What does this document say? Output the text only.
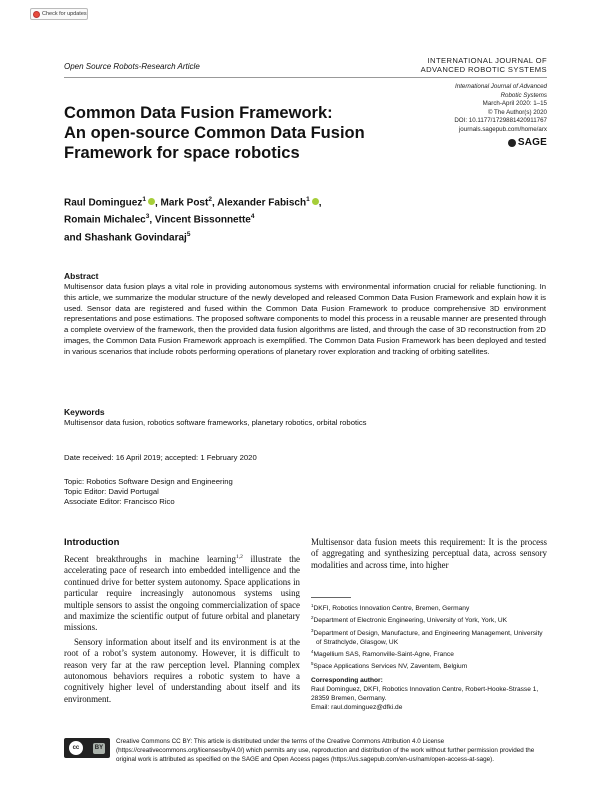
Check for updates
Open Source Robots-Research Article
INTERNATIONAL JOURNAL OF
ADVANCED ROBOTIC SYSTEMS
International Journal of Advanced
Robotic Systems
March-April 2020: 1–15
© The Author(s) 2020
DOI: 10.1177/1729881420911767
journals.sagepub.com/home/arx
SAGE
Common Data Fusion Framework:
An open-source Common Data Fusion
Framework for space robotics
Raul Dominguez$^1$ , Mark Post$^2$, Alexander Fabisch$^1$ ,
Romain Michalec$^3$, Vincent Bissonnette$^4$
and Shashank Govindaraj$^5$
Abstract
Multisensor data fusion plays a vital role in providing autonomous systems with environmental information crucial for reliable functioning. In this article, we summarize the modular structure of the newly developed and released Common Data Fusion Framework and explain how it is used. Sensor data are registered and fused within the Common Data Fusion Framework to produce comprehensive 3D environment representations and pose estimations. The proposed software components to model this process in a reusable manner are presented through a complete overview of the framework, then the provided data fusion algorithms are listed, and through the case of 3D reconstruction from 2D images, the Common Data Fusion Framework approach is exemplified. The Common Data Fusion Framework has been deployed and tested in various scenarios that include robots performing operations of planetary rover exploration and tracking of orbiting satellites.
Keywords
Multisensor data fusion, robotics software frameworks, planetary robotics, orbital robotics
Date received: 16 April 2019; accepted: 1 February 2020
Topic: Robotics Software Design and Engineering
Topic Editor: David Portugal
Associate Editor: Francisco Rico
Introduction

Recent breakthroughs in machine learning$^{1,2}$ illustrate the accelerating pace of research into embedded intelligence and the continued drive for better system autonomy. Space applications in particular require increasingly autonomous systems using multiple sensors to assist the ongoing commercialization of space and maximize the scientific output of future orbital and planetary missions.

Sensory information about itself and its environment is at the root of a robot’s system autonomy. However, it is difficult to reason very far at the raw perception level. Planning complex autonomous behaviors requires a robotic system to have a cognitively higher level of understanding about itself and its environment.

Multisensor data fusion meets this requirement: It is the process of aggregating and synthesizing perceptual data, across sensory modalities and across time, into higher

$^1$DKFI, Robotics Innovation Centre, Bremen, Germany
$^2$Department of Electronic Engineering, University of York, York, UK
$^3$Department of Design, Manufacture, and Engineering Management, University of Strathclyde, Glasgow, UK
$^4$Magellium SAS, Ramonville-Saint-Agne, France
$^5$Space Applications Services NV, Zaventem, Belgium
Corresponding author:
Raul Dominguez, DKFI, Robotics Innovation Centre, Robert-Hooke-Strasse 1, 28359 Bremen, Germany.
Email: raul.dominguez@dfki.de
cc	BY
Creative Commons CC BY: This article is distributed under the terms of the Creative Commons Attribution 4.0 License (https://creativecommons.org/licenses/by/4.0/) which permits any use, reproduction and distribution of the work without further permission provided the original work is attributed as specified on the SAGE and Open Access pages (https://us.sagepub.com/en-us/nam/open-access-at-sage).
